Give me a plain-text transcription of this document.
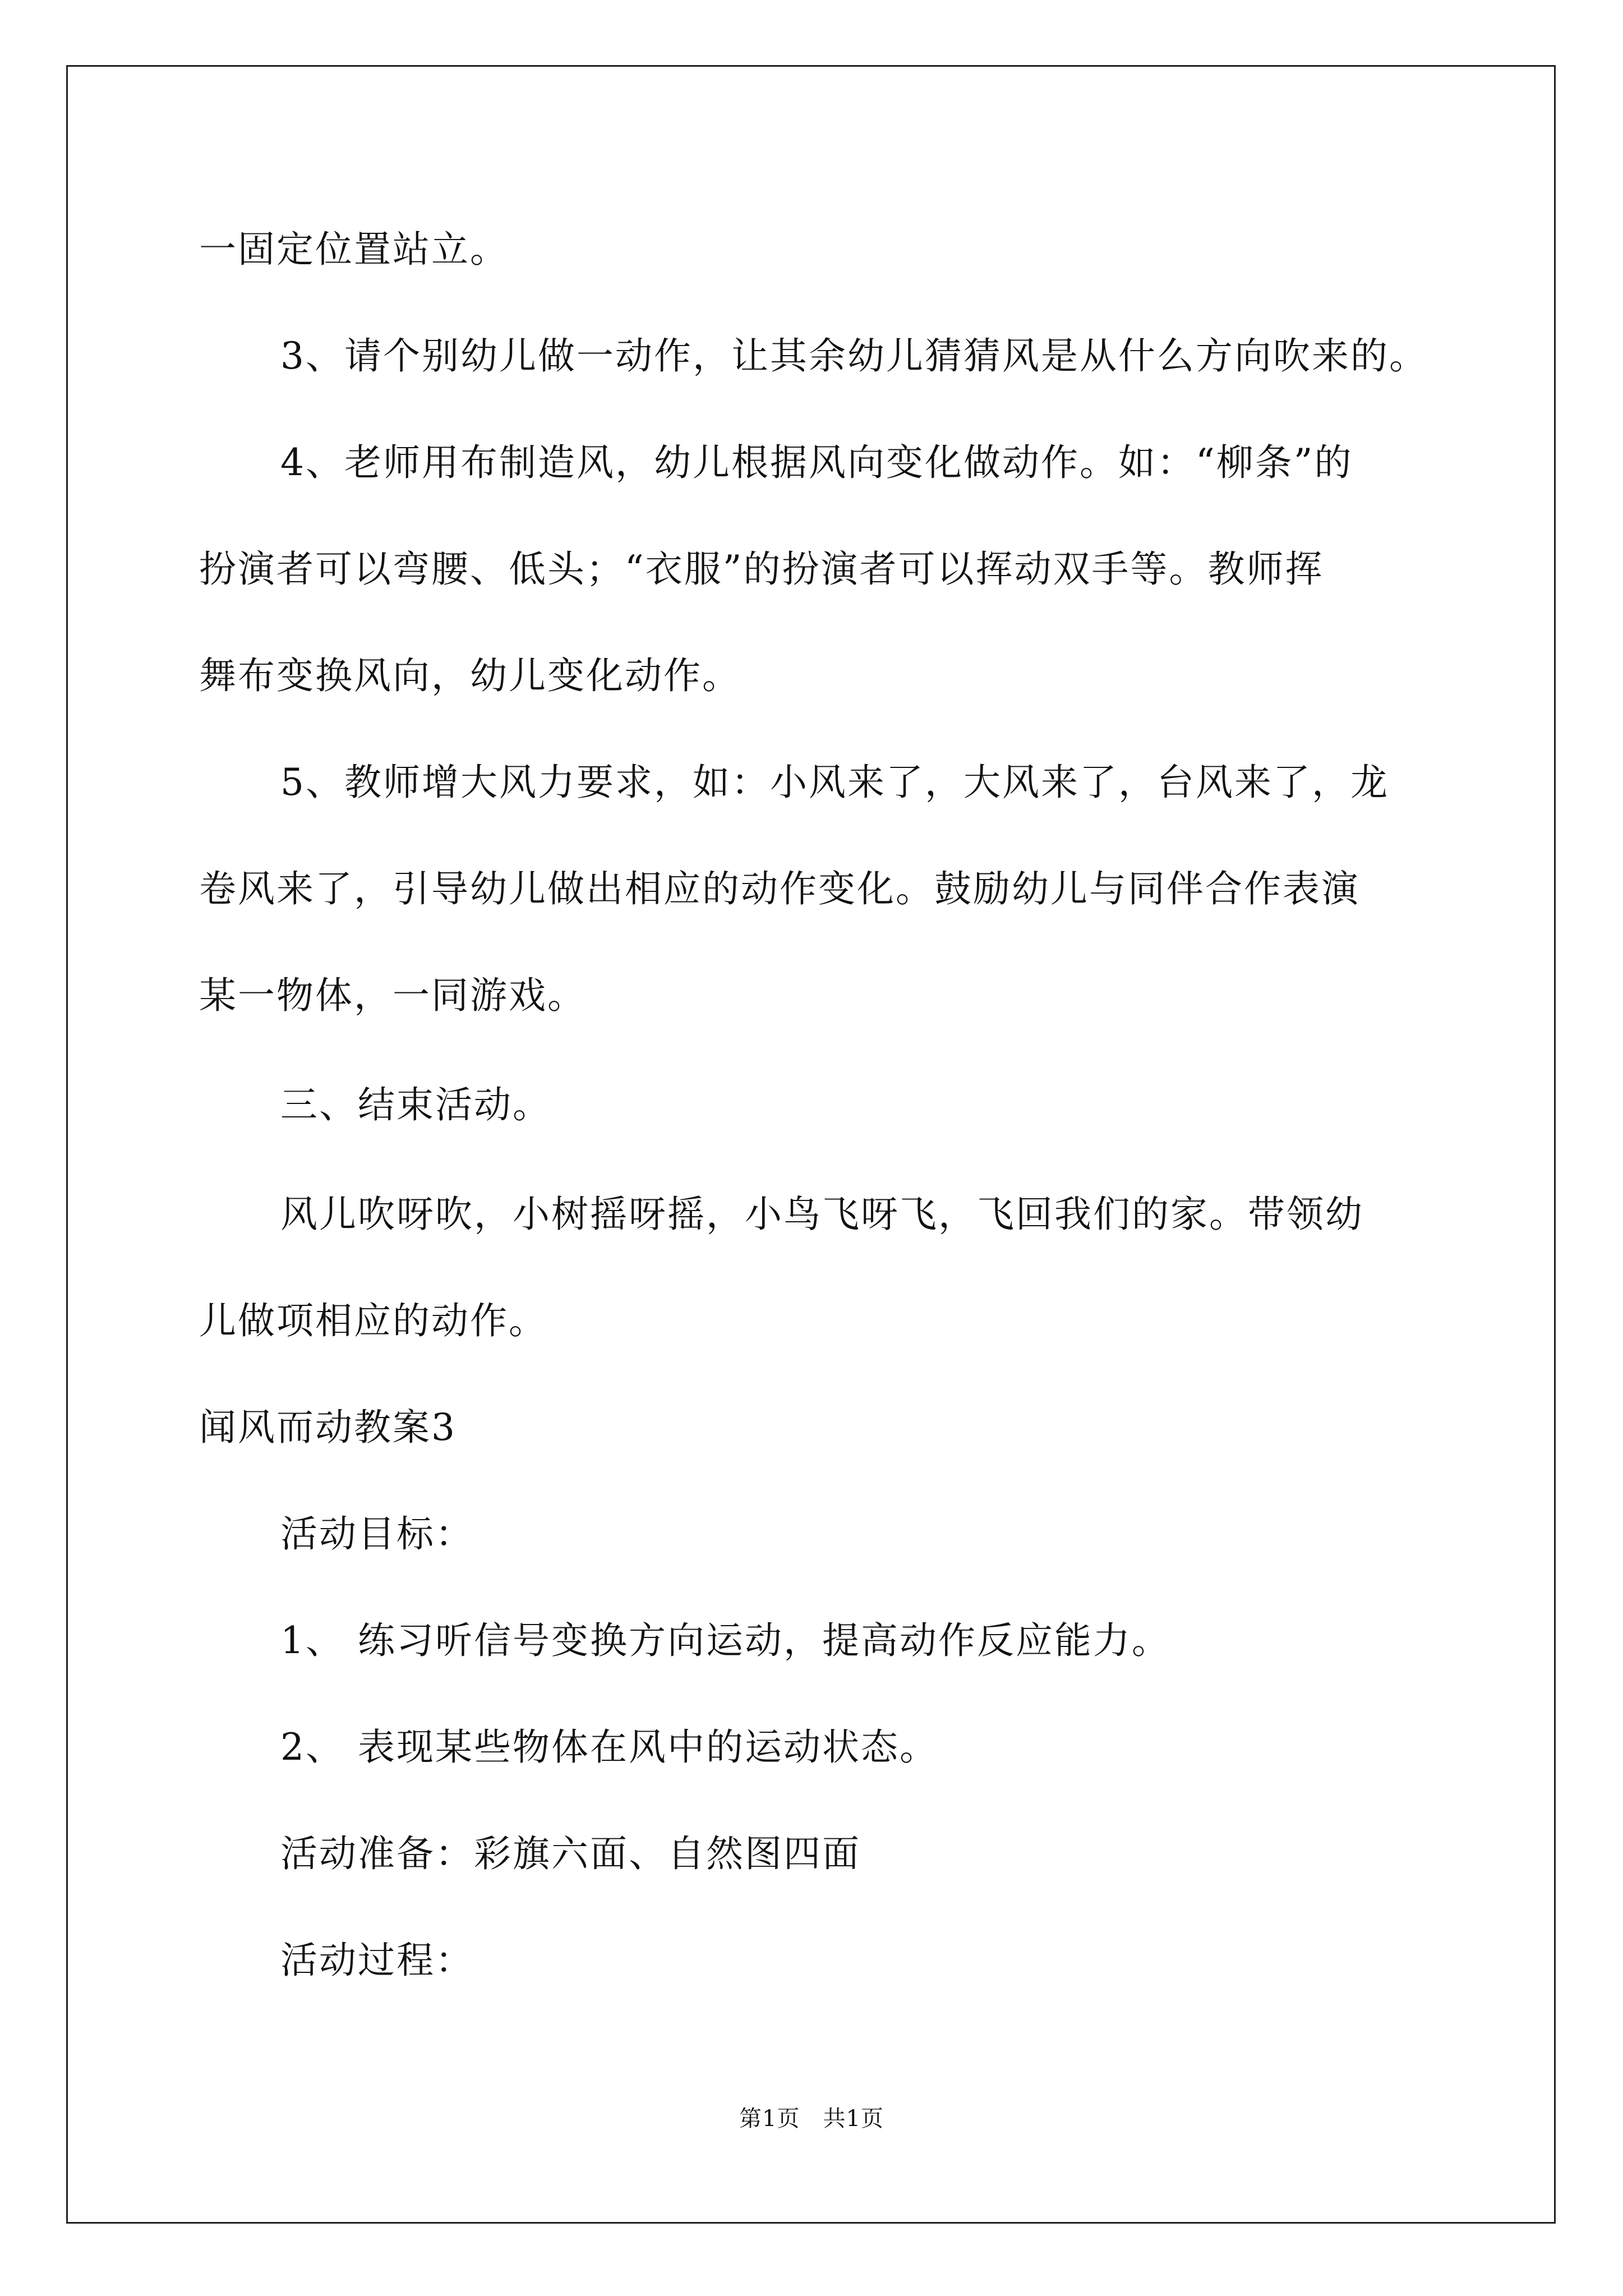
一固定位置站立。
3、请个别幼儿做一动作，让其余幼儿猜猜风是从什么方向吹来的。
4、老师用布制造风，幼儿根据风向变化做动作。如：“柳条”的
扮演者可以弯腰、低头；“衣服”的扮演者可以挥动双手等。教师挥
舞布变换风向，幼儿变化动作。
5、教师增大风力要求，如：小风来了，大风来了，台风来了，龙
卷风来了，引导幼儿做出相应的动作变化。鼓励幼儿与同伴合作表演
某一物体，一同游戏。
三、结束活动。
风儿吹呀吹，小树摇呀摇，小鸟飞呀飞，飞回我们的家。带领幼
儿做项相应的动作。
闻风而动教案3
活动目标：
1、 练习听信号变换方向运动，提高动作反应能力。
2、 表现某些物体在风中的运动状态。
活动准备：彩旗六面、自然图四面
活动过程：
第1页　共1页
